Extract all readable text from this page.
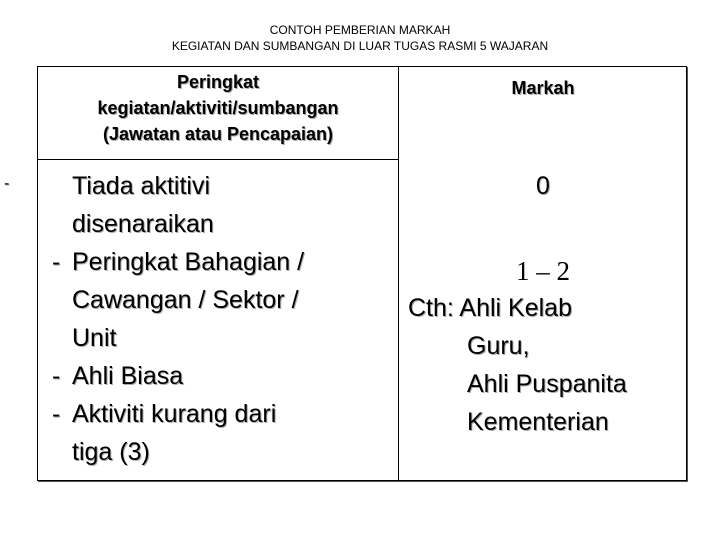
CONTOH PEMBERIAN MARKAH
KEGIATAN DAN SUMBANGAN DI LUAR TUGAS RASMI 5 WAJARAN
Peringkat
kegiatan/aktiviti/sumbangan
(Jawatan atau Pencapaian)
Markah
-	Tiada aktitivi
disenaraikan
- Peringkat Bahagian /
Cawangan / Sektor /
Unit
- Ahli Biasa
- Aktiviti kurang dari
tiga (3)
0
1 – 2
Cth: Ahli Kelab
Guru,
Ahli Puspanita
Kementerian
